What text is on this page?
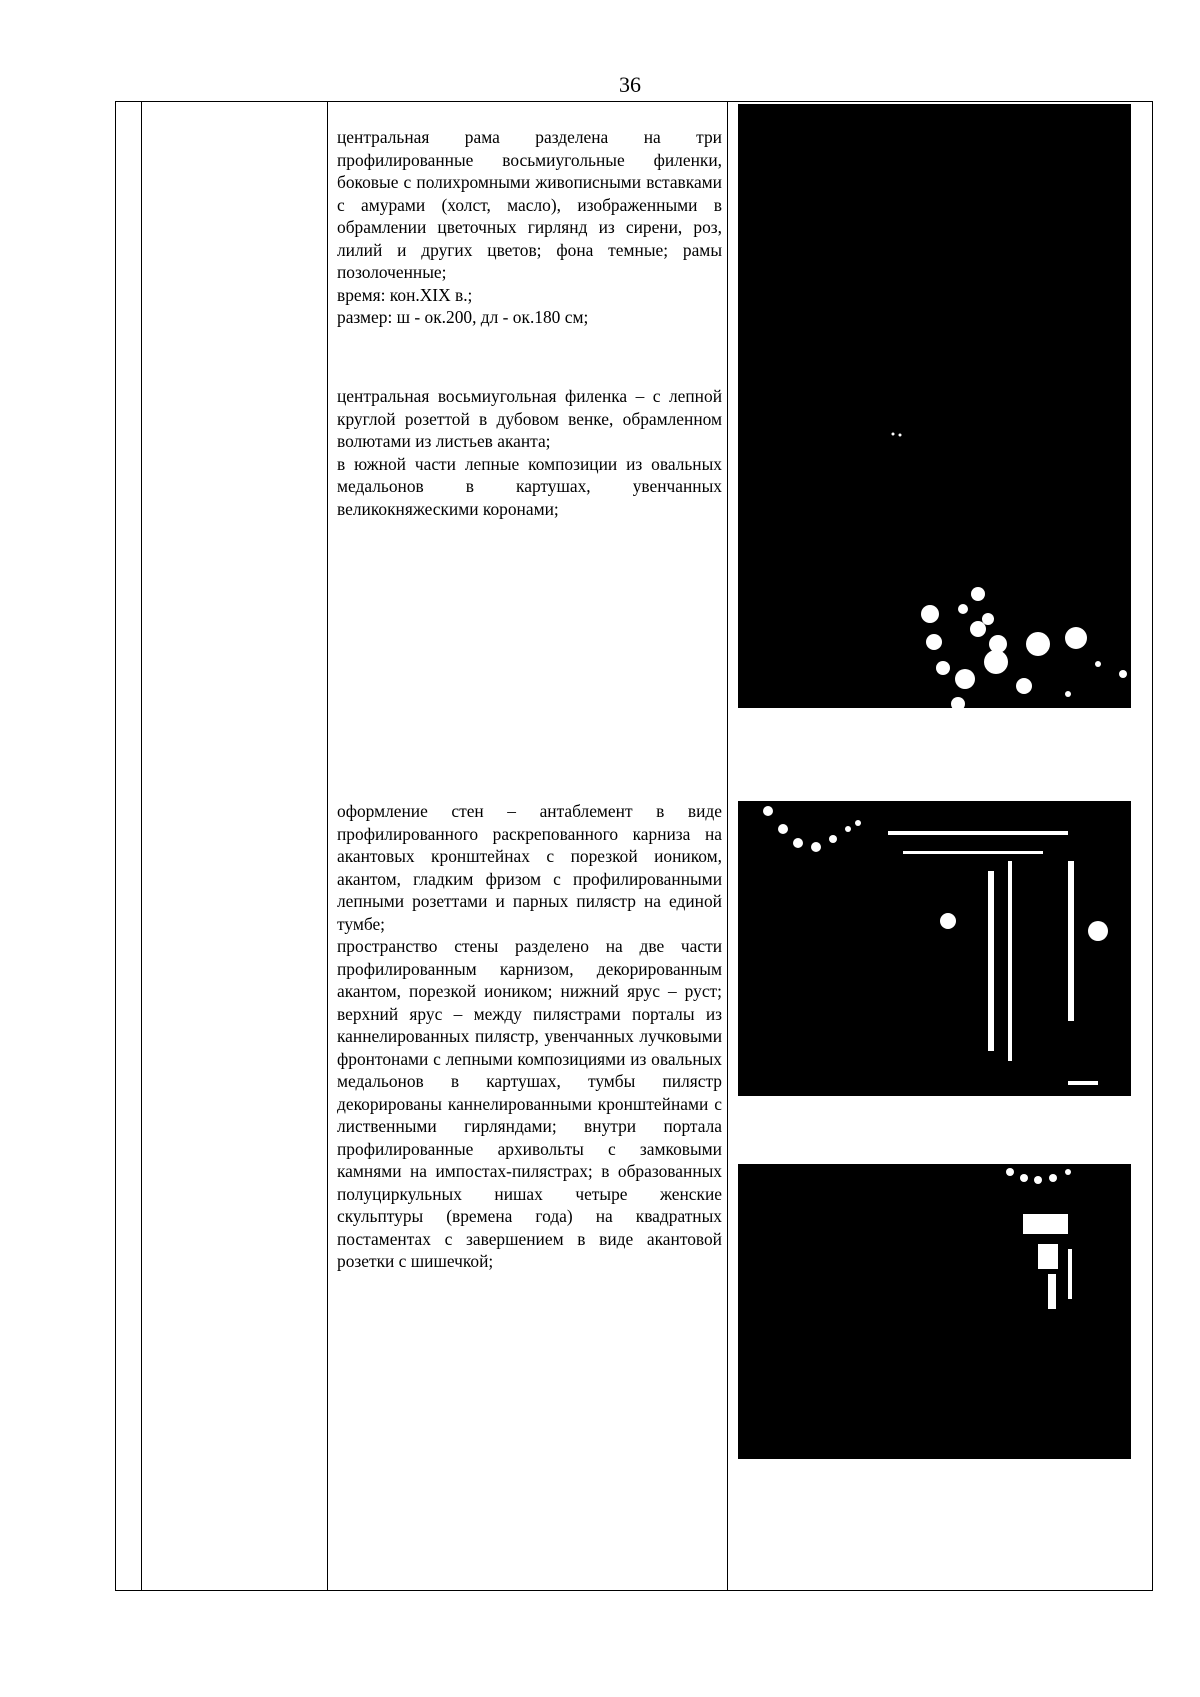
36

центральная рама разделена на три профилированные восьмиугольные филенки, боковые с полихромными живописными вставками с амурами (холст, масло), изображенными в обрамлении цветочных гирлянд из сирени, роз, лилий и других цветов; фона темные; рамы позолоченные;

время: кон.XIX в.;

размер: ш - ок.200, дл - ок.180 см;

центральная восьмиугольная филенка – с лепной круглой розеттой в дубовом венке, обрамленном волютами из листьев аканта;

в южной части лепные композиции из овальных медальонов в картушах, увенчанных великокняжескими коронами;

оформление стен – антаблемент в виде профилированного раскрепованного карниза на акантовых кронштейнах с порезкой иоником, акантом, гладким фризом с профилированными лепными розеттами и парных пилястр на единой тумбе;

пространство стены разделено на две части профилированным карнизом, декорированным акантом, порезкой иоником; нижний ярус – руст; верхний ярус – между пилястрами порталы из каннелированных пилястр, увенчанных лучковыми фронтонами с лепными композициями из овальных медальонов в картушах, тумбы пилястр декорированы каннелированными кронштейнами с лиственными гирляндами; внутри портала профилированные архивольты с замковыми камнями на импостах-пилястрах; в образованных полуциркульных нишах четыре женские скульптуры (времена года) на квадратных постаментах с завершением в виде акантовой розетки с шишечкой;
